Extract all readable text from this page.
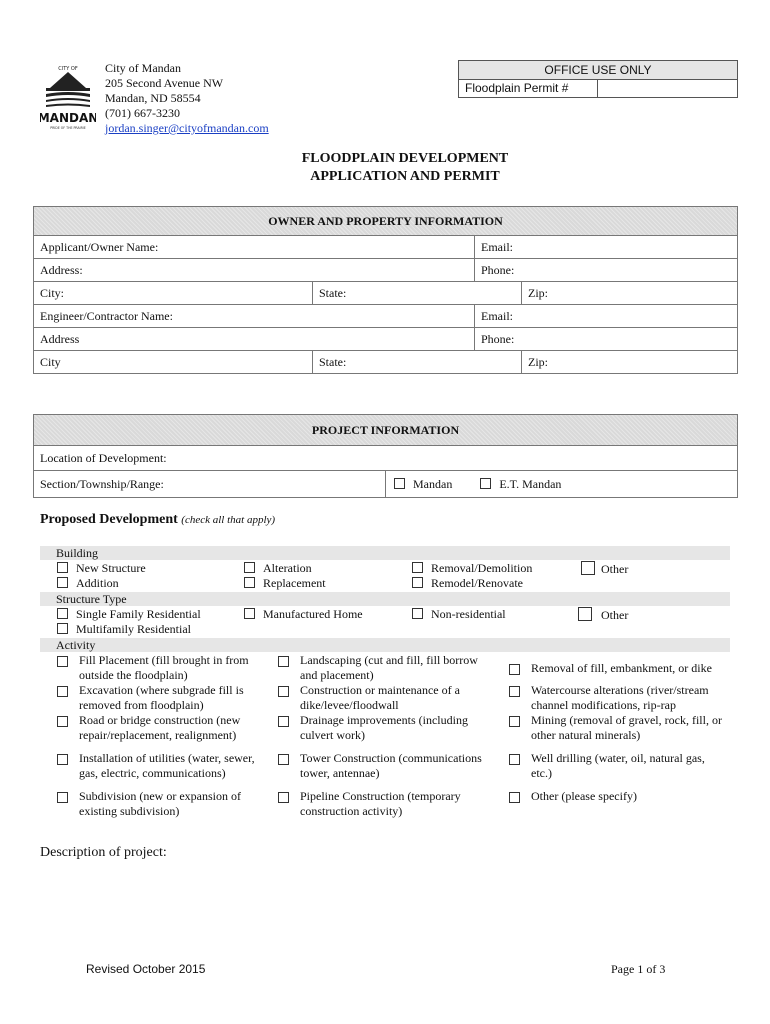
CITY OF
MANDAN
PRIDE OF THE PRAIRIE
City of Mandan
205 Second Avenue NW
Mandan, ND 58554
(701) 667-3230
jordan.singer@cityofmandan.com
OFFICE USE ONLY
Floodplain Permit #
FLOODPLAIN DEVELOPMENT
APPLICATION AND PERMIT
OWNER AND PROPERTY INFORMATION
Applicant/Owner Name:	Email:
Address:	Phone:
City:	State:	Zip:
Engineer/Contractor Name:	Email:
Address	Phone:
City	State:	Zip:
PROJECT INFORMATION
Location of Development:
Section/Township/Range:	Mandan	E.T. Mandan
Proposed Development (check all that apply)
Building
New Structure
Addition
Alteration
Replacement
Removal/Demolition
Remodel/Renovate
Other
Structure Type
Single Family Residential
Multifamily Residential
Manufactured Home	Non-residential	Other
Activity
Fill Placement (fill brought in from outside the floodplain)
Excavation (where subgrade fill is removed from floodplain)
Road or bridge construction (new repair/replacement, realignment)
Installation of utilities (water, sewer, gas, electric, communications)
Subdivision (new or expansion of existing subdivision)
Landscaping (cut and fill, fill borrow and placement)
Construction or maintenance of a dike/levee/floodwall
Drainage improvements (including culvert work)
Tower Construction (communications tower, antennae)
Pipeline Construction (temporary construction activity)
Removal of fill, embankment, or dike
Watercourse alterations (river/stream channel modifications, rip-rap
Mining (removal of gravel, rock, fill, or other natural minerals)
Well drilling (water, oil, natural gas, etc.)
Other (please specify)
Description of project:
Revised October 2015	Page 1 of 3
